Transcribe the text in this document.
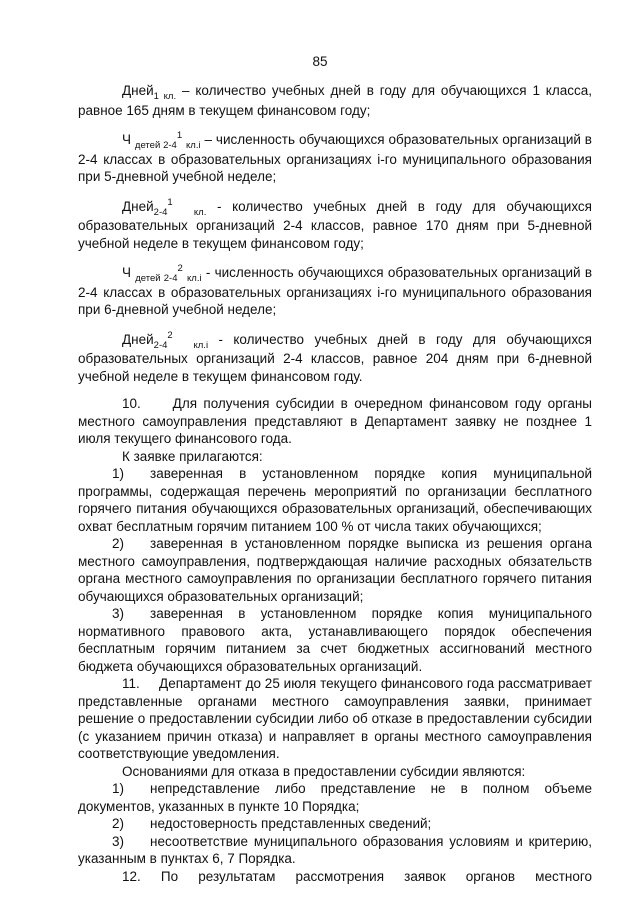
85

Дней$_{1 кл.}$ – количество учебных дней в году для обучающихся 1 класса, равное 165 дням в текущем финансовом году;

Ч $_{детей 2-4}^1$ $_{кл.i}$ – численность обучающихся образовательных организаций в 2-4 классах в образовательных организациях i-го муниципального образования при 5-дневной учебной неделе;

Дней$_{2-4}^1$  $_{кл.}$ - количество учебных дней в году для обучающихся образовательных организаций 2-4 классов, равное 170 дням при 5-дневной учебной неделе в текущем финансовом году;

Ч $_{детей 2-4}^2$ $_{кл.i}$ - численность обучающихся образовательных организаций в 2-4 классах в образовательных организациях i-го муниципального образования при 6-дневной учебной неделе;

Дней$_{2-4}^2$  $_{кл.i}$ - количество учебных дней в году для обучающихся образовательных организаций 2-4 классов, равное 204 дням при 6-дневной учебной неделе в текущем финансовом году.

10.     Для получения субсидии в очередном финансовом году органы местного самоуправления представляют в Департамент заявку не позднее 1 июля текущего финансового года.

К заявке прилагаются:

1) заверенная в установленном порядке копия муниципальной программы, содержащая перечень мероприятий по организации бесплатного горячего питания обучающихся образовательных организаций, обеспечивающих охват бесплатным горячим питанием 100 % от числа таких обучающихся;

2) заверенная в установленном порядке выписка из решения органа местного самоуправления, подтверждающая наличие расходных обязательств органа местного самоуправления по организации бесплатного горячего питания обучающихся образовательных организаций;

3) заверенная в установленном порядке копия муниципального нормативного правового акта, устанавливающего порядок обеспечения бесплатным горячим питанием за счет бюджетных ассигнований местного бюджета обучающихся образовательных организаций.

11.     Департамент до 25 июля текущего финансового года рассматривает представленные органами местного самоуправления заявки, принимает решение о предоставлении субсидии либо об отказе в предоставлении субсидии (с указанием причин отказа) и направляет в органы местного самоуправления соответствующие уведомления.

Основаниями для отказа в предоставлении субсидии являются:

1) непредставление либо представление не в полном объеме документов, указанных в пункте 10 Порядка;

2) недостоверность представленных сведений;

3) несоответствие муниципального образования условиям и критерию, указанным в пунктах 6, 7 Порядка.

12.     По     результатам     рассмотрения     заявок     органов     местного
